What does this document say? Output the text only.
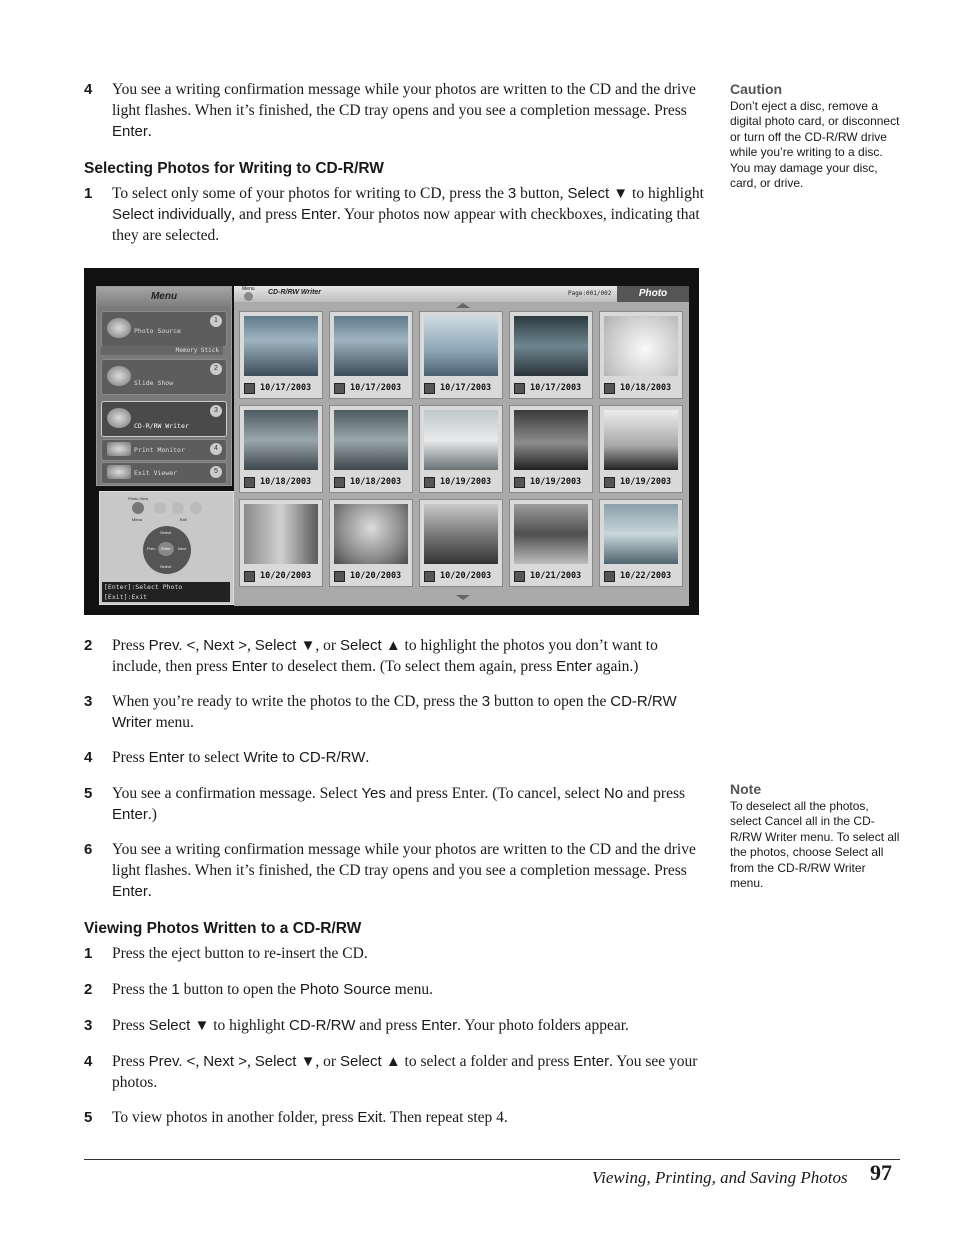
4 You see a writing confirmation message while your photos are written to the CD and the drive light flashes. When it’s finished, the CD tray opens and you see a completion message. Press Enter.
Selecting Photos for Writing to CD-R/RW
1 To select only some of your photos for writing to CD, press the 3 button, Select ▼ to highlight Select individually, and press Enter. Your photos now appear with checkboxes, indicating that they are selected.
Menu
Photo Source
1
Slide Show
2
CD-R/RW Writer
3
Print Monitor	4
Exit Viewer	5
Memory Stick
Photo View
Menu	Exit
Select
Prev.	Enter	Next
Select
[Enter]:Select Photo
[Exit]:Exit
Menu CD-R/RW Writer	Page:001/002	Photo
10/17/2003	10/17/2003	10/17/2003	10/17/2003	10/18/2003
10/18/2003	10/18/2003	10/19/2003	10/19/2003	10/19/2003
10/20/2003	10/20/2003	10/20/2003	10/21/2003	10/22/2003
2 Press Prev. <, Next >, Select ▼, or Select ▲ to highlight the photos you don’t want to include, then press Enter to deselect them. (To select them again, press Enter again.)
3 When you’re ready to write the photos to the CD, press the 3 button to open the CD-R/RW Writer menu.
4 Press Enter to select Write to CD-R/RW.
5 You see a confirmation message. Select Yes and press Enter. (To cancel, select No and press Enter.)
6 You see a writing confirmation message while your photos are written to the CD and the drive light flashes. When it’s finished, the CD tray opens and you see a completion message. Press Enter.
Viewing Photos Written to a CD-R/RW
1 Press the eject button to re-insert the CD.
2 Press the 1 button to open the Photo Source menu.
3 Press Select ▼ to highlight CD-R/RW and press Enter. Your photo folders appear.
4 Press Prev. <, Next >, Select ▼, or Select ▲ to select a folder and press Enter. You see your photos.
5 To view photos in another folder, press Exit. Then repeat step 4.
Caution
Don’t eject a disc, remove a digital photo card, or disconnect or turn off the CD-R/RW drive while you’re writing to a disc. You may damage your disc, card, or drive.
Note
To deselect all the photos, select Cancel all in the CD-R/RW Writer menu. To select all the photos, choose Select all from the CD-R/RW Writer menu.
Viewing, Printing, and Saving Photos 97
